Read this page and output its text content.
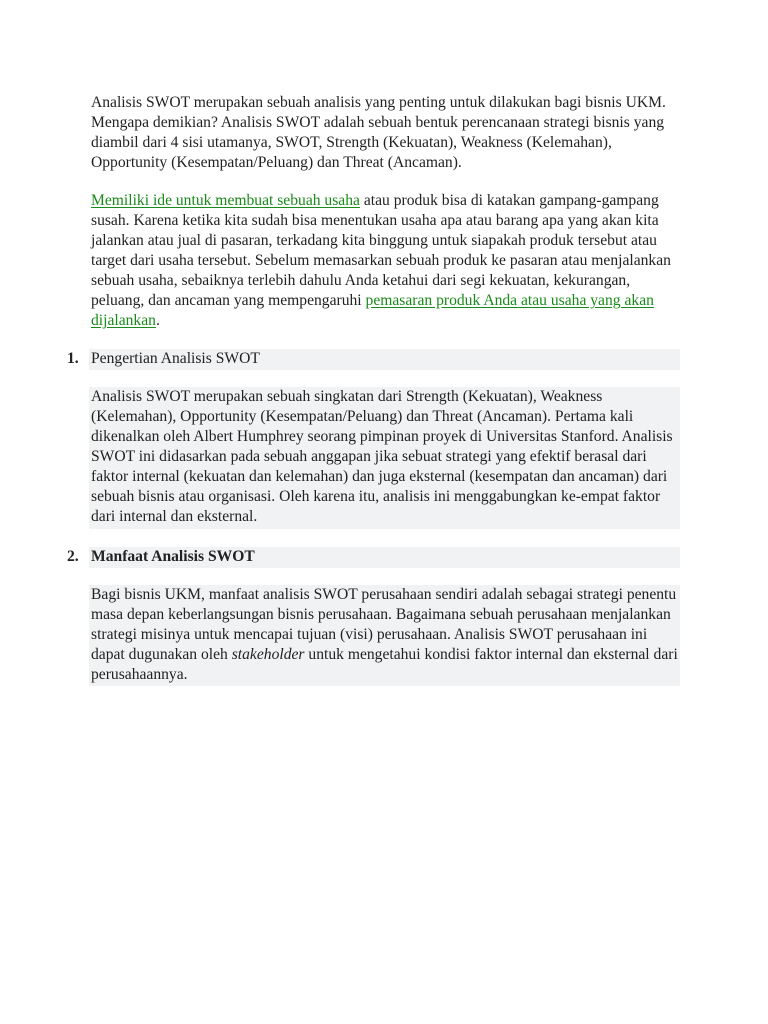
Analisis SWOT merupakan sebuah analisis yang penting untuk dilakukan bagi bisnis UKM. Mengapa demikian? Analisis SWOT adalah sebuah bentuk perencanaan strategi bisnis yang diambil dari 4 sisi utamanya, SWOT, Strength (Kekuatan), Weakness (Kelemahan), Opportunity (Kesempatan/Peluang) dan Threat (Ancaman).

Memiliki ide untuk membuat sebuah usaha atau produk bisa di katakan gampang-gampang susah. Karena ketika kita sudah bisa menentukan usaha apa atau barang apa yang akan kita jalankan atau jual di pasaran, terkadang kita binggung untuk siapakah produk tersebut atau target dari usaha tersebut. Sebelum memasarkan sebuah produk ke pasaran atau menjalankan sebuah usaha, sebaiknya terlebih dahulu Anda ketahui dari segi kekuatan, kekurangan, peluang, dan ancaman yang mempengaruhi pemasaran produk Anda atau usaha yang akan dijalankan.

1. Pengertian Analisis SWOT

Analisis SWOT merupakan sebuah singkatan dari Strength (Kekuatan), Weakness (Kelemahan), Opportunity (Kesempatan/Peluang) dan Threat (Ancaman). Pertama kali dikenalkan oleh Albert Humphrey seorang pimpinan proyek di Universitas Stanford. Analisis SWOT ini didasarkan pada sebuah anggapan jika sebuat strategi yang efektif berasal dari faktor internal (kekuatan dan kelemahan) dan juga eksternal (kesempatan dan ancaman) dari sebuah bisnis atau organisasi. Oleh karena itu, analisis ini menggabungkan ke-empat faktor dari internal dan eksternal.

2. Manfaat Analisis SWOT

Bagi bisnis UKM, manfaat analisis SWOT perusahaan sendiri adalah sebagai strategi penentu masa depan keberlangsungan bisnis perusahaan. Bagaimana sebuah perusahaan menjalankan strategi misinya untuk mencapai tujuan (visi) perusahaan. Analisis SWOT perusahaan ini dapat dugunakan oleh stakeholder untuk mengetahui kondisi faktor internal dan eksternal dari perusahaannya.
